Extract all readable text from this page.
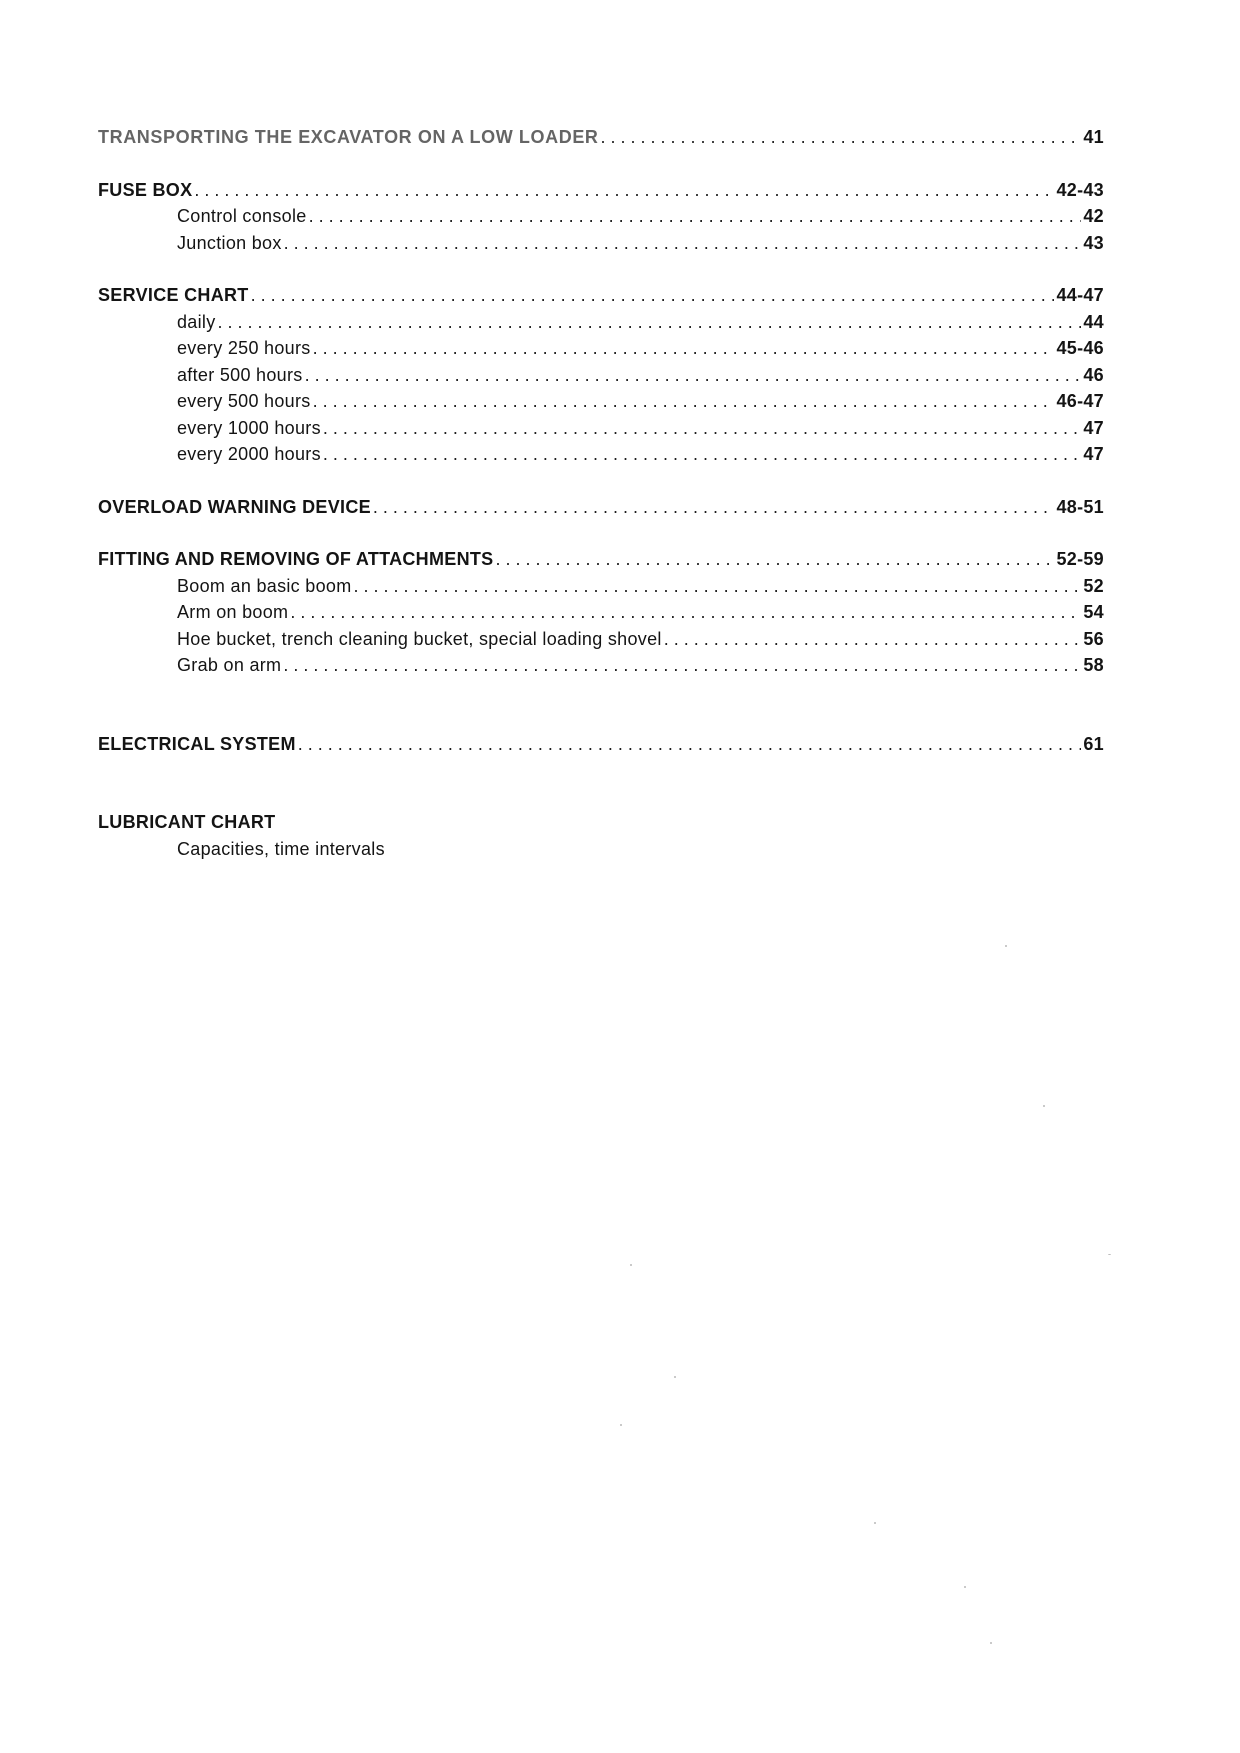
TRANSPORTING THE EXCAVATOR ON A LOW LOADER . . .	41
FUSE BOX . . .	42-43
Control console . . .	42
Junction box . . .	43
SERVICE CHART . . .	44-47
daily . . .	44
every 250 hours . . .	45-46
after 500 hours . . .	46
every 500 hours . . .	46-47
every 1000 hours . . .	47
every 2000 hours . . .	47
OVERLOAD WARNING DEVICE . . .	48-51
FITTING AND REMOVING OF ATTACHMENTS . . .	52-59
Boom an basic boom . . .	52
Arm on boom . . .	54
Hoe bucket, trench cleaning bucket, special loading shovel . . .	56
Grab on arm . . .	58
ELECTRICAL SYSTEM . . .	61
LUBRICANT CHART
Capacities, time intervals
